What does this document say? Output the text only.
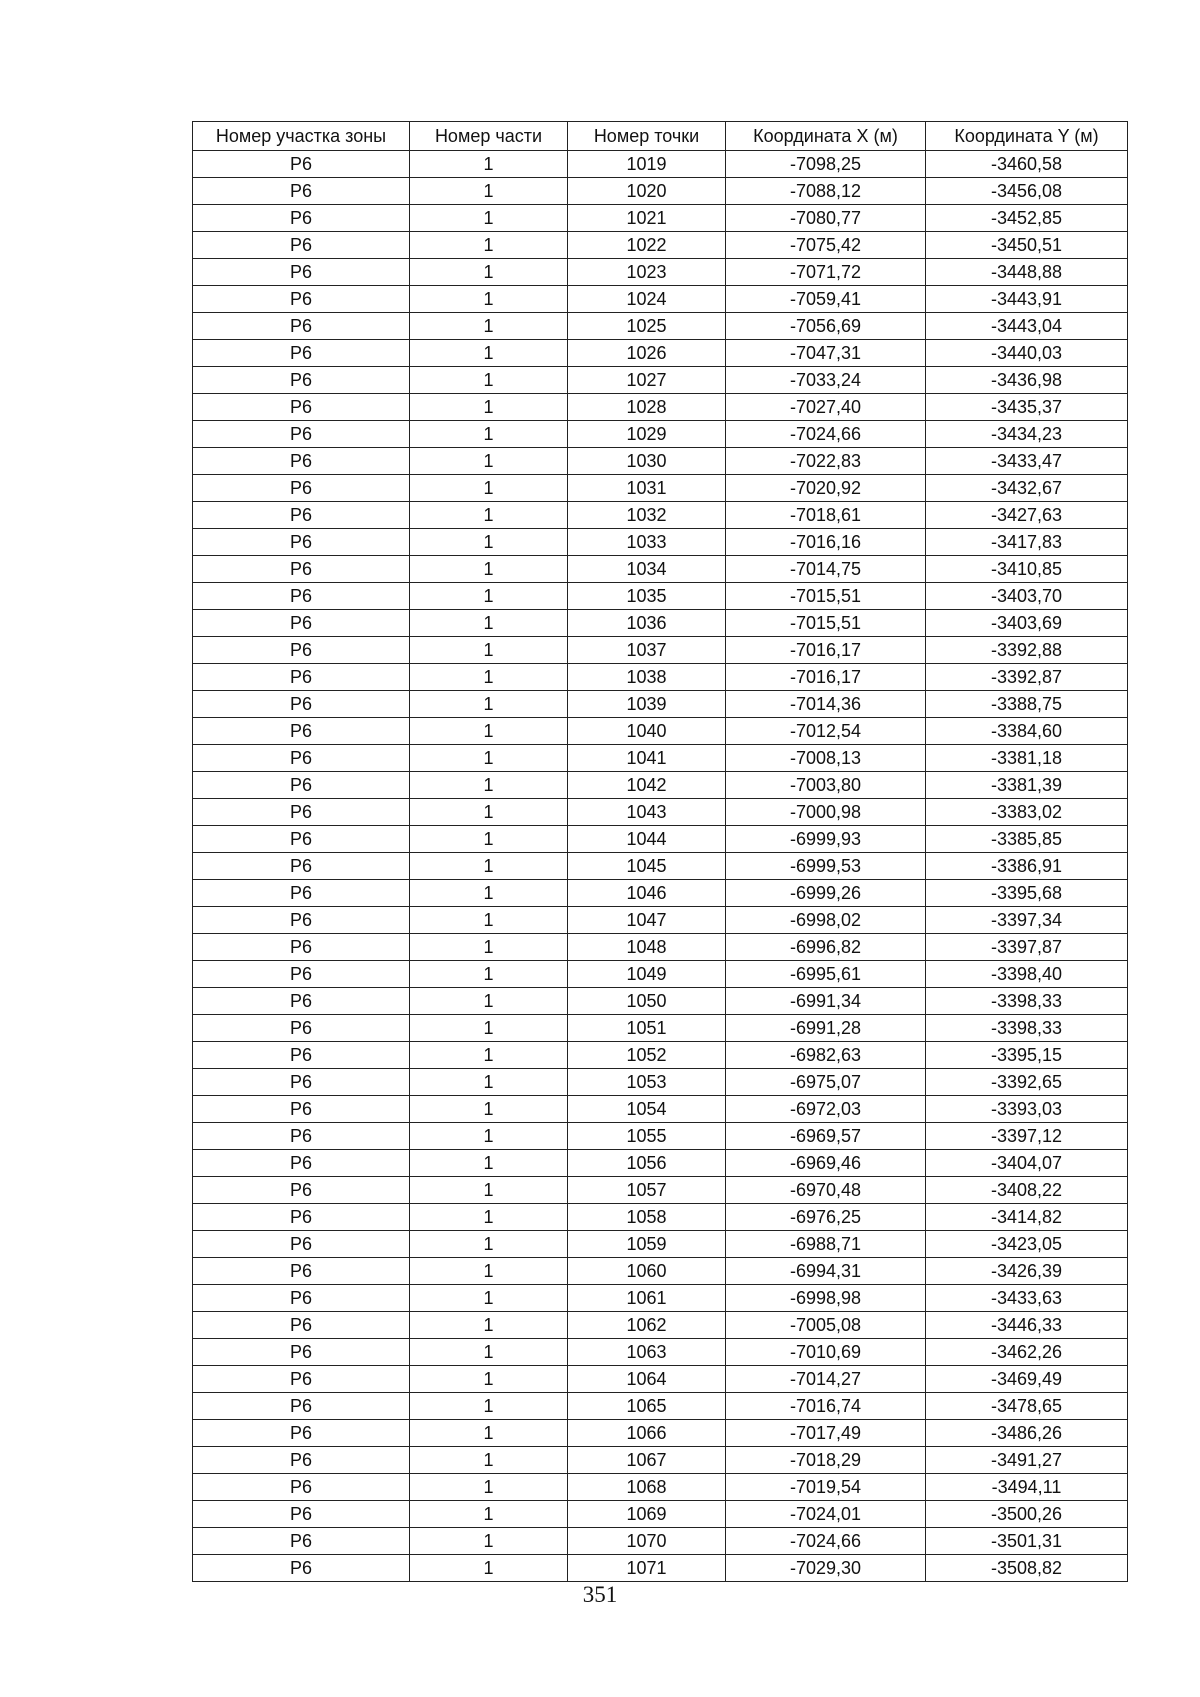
Номер участка зоны	Номер части	Номер точки	Координата X (м)	Координата Y (м)
Р6	1	1019	-7098,25	-3460,58
Р6	1	1020	-7088,12	-3456,08
Р6	1	1021	-7080,77	-3452,85
Р6	1	1022	-7075,42	-3450,51
Р6	1	1023	-7071,72	-3448,88
Р6	1	1024	-7059,41	-3443,91
Р6	1	1025	-7056,69	-3443,04
Р6	1	1026	-7047,31	-3440,03
Р6	1	1027	-7033,24	-3436,98
Р6	1	1028	-7027,40	-3435,37
Р6	1	1029	-7024,66	-3434,23
Р6	1	1030	-7022,83	-3433,47
Р6	1	1031	-7020,92	-3432,67
Р6	1	1032	-7018,61	-3427,63
Р6	1	1033	-7016,16	-3417,83
Р6	1	1034	-7014,75	-3410,85
Р6	1	1035	-7015,51	-3403,70
Р6	1	1036	-7015,51	-3403,69
Р6	1	1037	-7016,17	-3392,88
Р6	1	1038	-7016,17	-3392,87
Р6	1	1039	-7014,36	-3388,75
Р6	1	1040	-7012,54	-3384,60
Р6	1	1041	-7008,13	-3381,18
Р6	1	1042	-7003,80	-3381,39
Р6	1	1043	-7000,98	-3383,02
Р6	1	1044	-6999,93	-3385,85
Р6	1	1045	-6999,53	-3386,91
Р6	1	1046	-6999,26	-3395,68
Р6	1	1047	-6998,02	-3397,34
Р6	1	1048	-6996,82	-3397,87
Р6	1	1049	-6995,61	-3398,40
Р6	1	1050	-6991,34	-3398,33
Р6	1	1051	-6991,28	-3398,33
Р6	1	1052	-6982,63	-3395,15
Р6	1	1053	-6975,07	-3392,65
Р6	1	1054	-6972,03	-3393,03
Р6	1	1055	-6969,57	-3397,12
Р6	1	1056	-6969,46	-3404,07
Р6	1	1057	-6970,48	-3408,22
Р6	1	1058	-6976,25	-3414,82
Р6	1	1059	-6988,71	-3423,05
Р6	1	1060	-6994,31	-3426,39
Р6	1	1061	-6998,98	-3433,63
Р6	1	1062	-7005,08	-3446,33
Р6	1	1063	-7010,69	-3462,26
Р6	1	1064	-7014,27	-3469,49
Р6	1	1065	-7016,74	-3478,65
Р6	1	1066	-7017,49	-3486,26
Р6	1	1067	-7018,29	-3491,27
Р6	1	1068	-7019,54	-3494,11
Р6	1	1069	-7024,01	-3500,26
Р6	1	1070	-7024,66	-3501,31
Р6	1	1071	-7029,30	-3508,82
351
